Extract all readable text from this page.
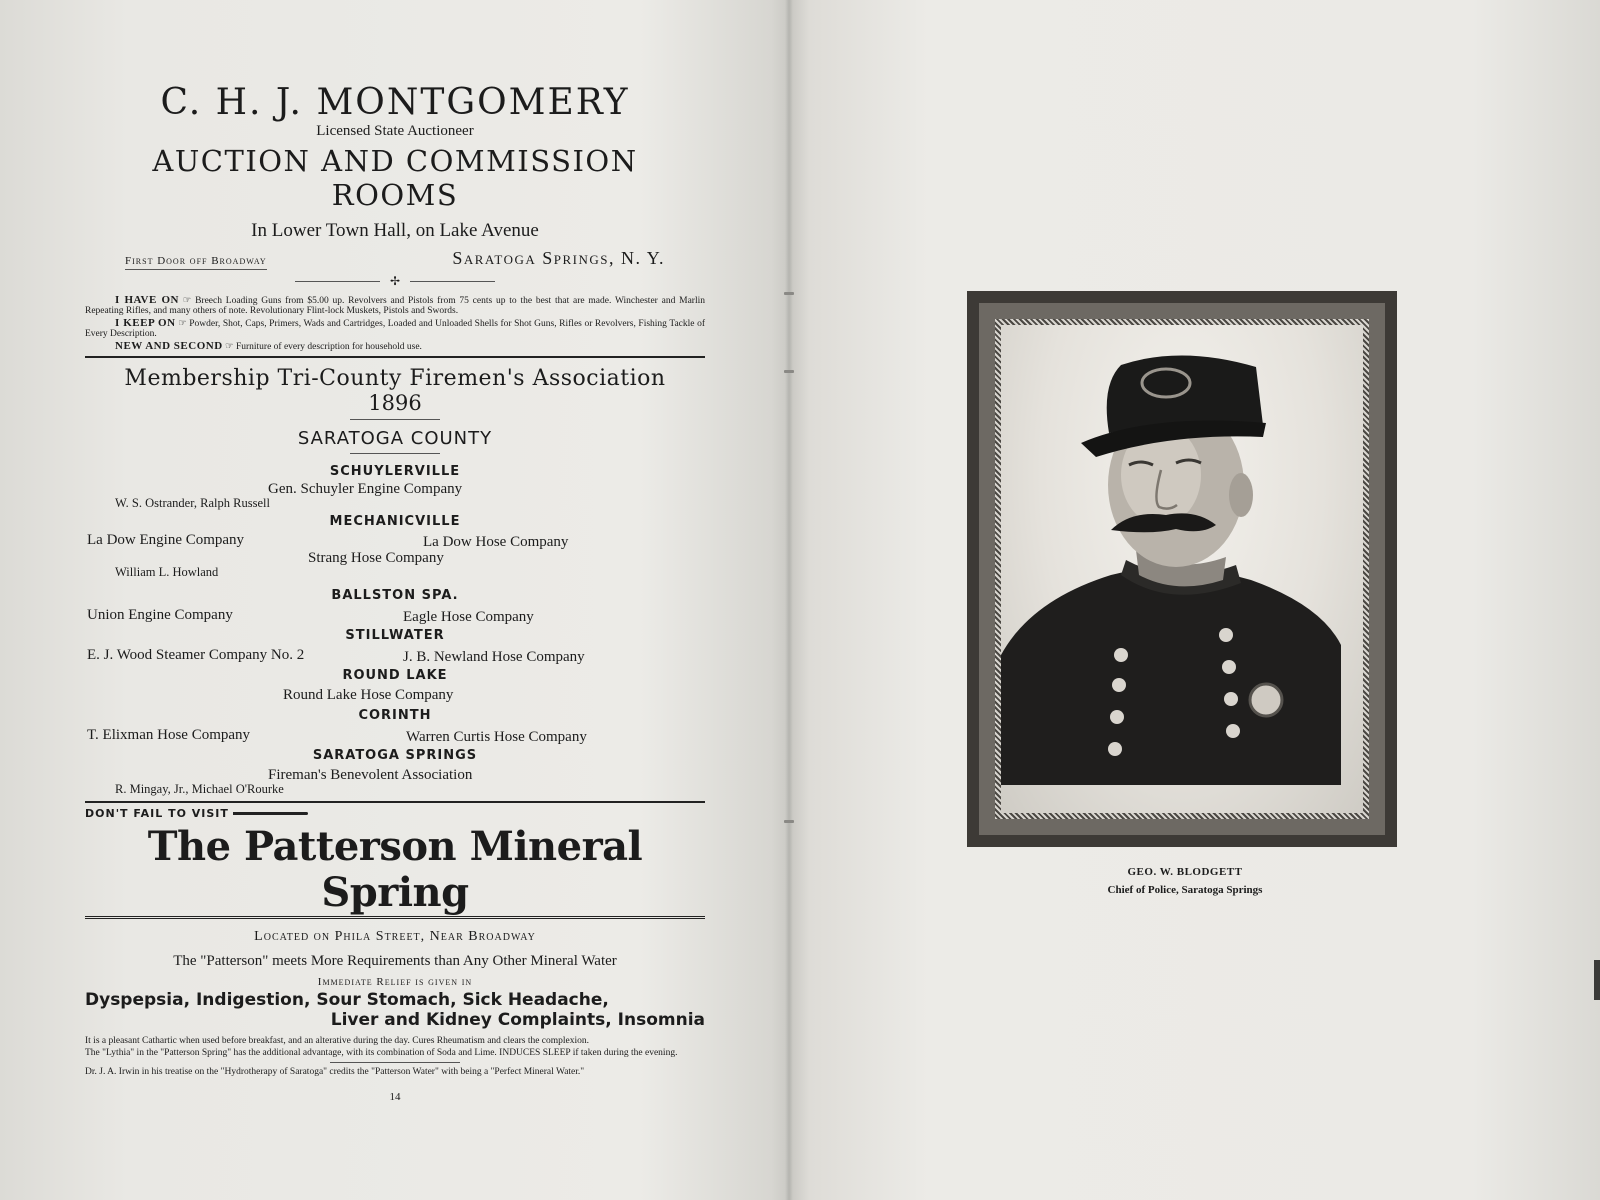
C. H. J. MONTGOMERY

Licensed State Auctioneer

AUCTION AND COMMISSION ROOMS

In Lower Town Hall, on Lake Avenue

First Door off Broadway	Saratoga Springs, N. Y.
✢

I HAVE ON ☞ Breech Loading Guns from $5.00 up. Revolvers and Pistols from 75 cents up to the best that are made. Winchester and Marlin Repeating Rifles, and many others of note. Revolutionary Flint-lock Muskets, Pistols and Swords.

I KEEP ON ☞ Powder, Shot, Caps, Primers, Wads and Cartridges, Loaded and Unloaded Shells for Shot Guns, Rifles or Revolvers, Fishing Tackle of Every Description.

NEW AND SECOND ☞ Furniture of every description for household use.

Membership Tri-County Firemen's Association

1896

SARATOGA COUNTY

SCHUYLERVILLE

Gen. Schuyler Engine Company
W. S. Ostrander, Ralph Russell

MECHANICVILLE

La Dow Engine Company	La Dow Hose Company
Strang Hose Company
William L. Howland

BALLSTON SPA.

Union Engine Company	Eagle Hose Company

STILLWATER

E. J. Wood Steamer Company No. 2	J. B. Newland Hose Company

ROUND LAKE

Round Lake Hose Company

CORINTH

T. Elixman Hose Company	Warren Curtis Hose Company

SARATOGA SPRINGS

Fireman's Benevolent Association
R. Mingay, Jr., Michael O'Rourke

DON'T FAIL TO VISIT

The Patterson Mineral Spring

Located on Phila Street, Near Broadway

The "Patterson" meets More Requirements than Any Other Mineral Water

Immediate Relief is given in

Dyspepsia, Indigestion, Sour Stomach, Sick Headache,

Liver and Kidney Complaints, Insomnia

It is a pleasant Cathartic when used before breakfast, and an alterative during the day. Cures Rheumatism and clears the complexion.

The "Lythia" in the "Patterson Spring" has the additional advantage, with its combination of Soda and Lime. INDUCES SLEEP if taken during the evening.

Dr. J. A. Irwin in his treatise on the "Hydrotherapy of Saratoga" credits the "Patterson Water" with being a "Perfect Mineral Water."

14

GEO. W. BLODGETT
Chief of Police, Saratoga Springs
